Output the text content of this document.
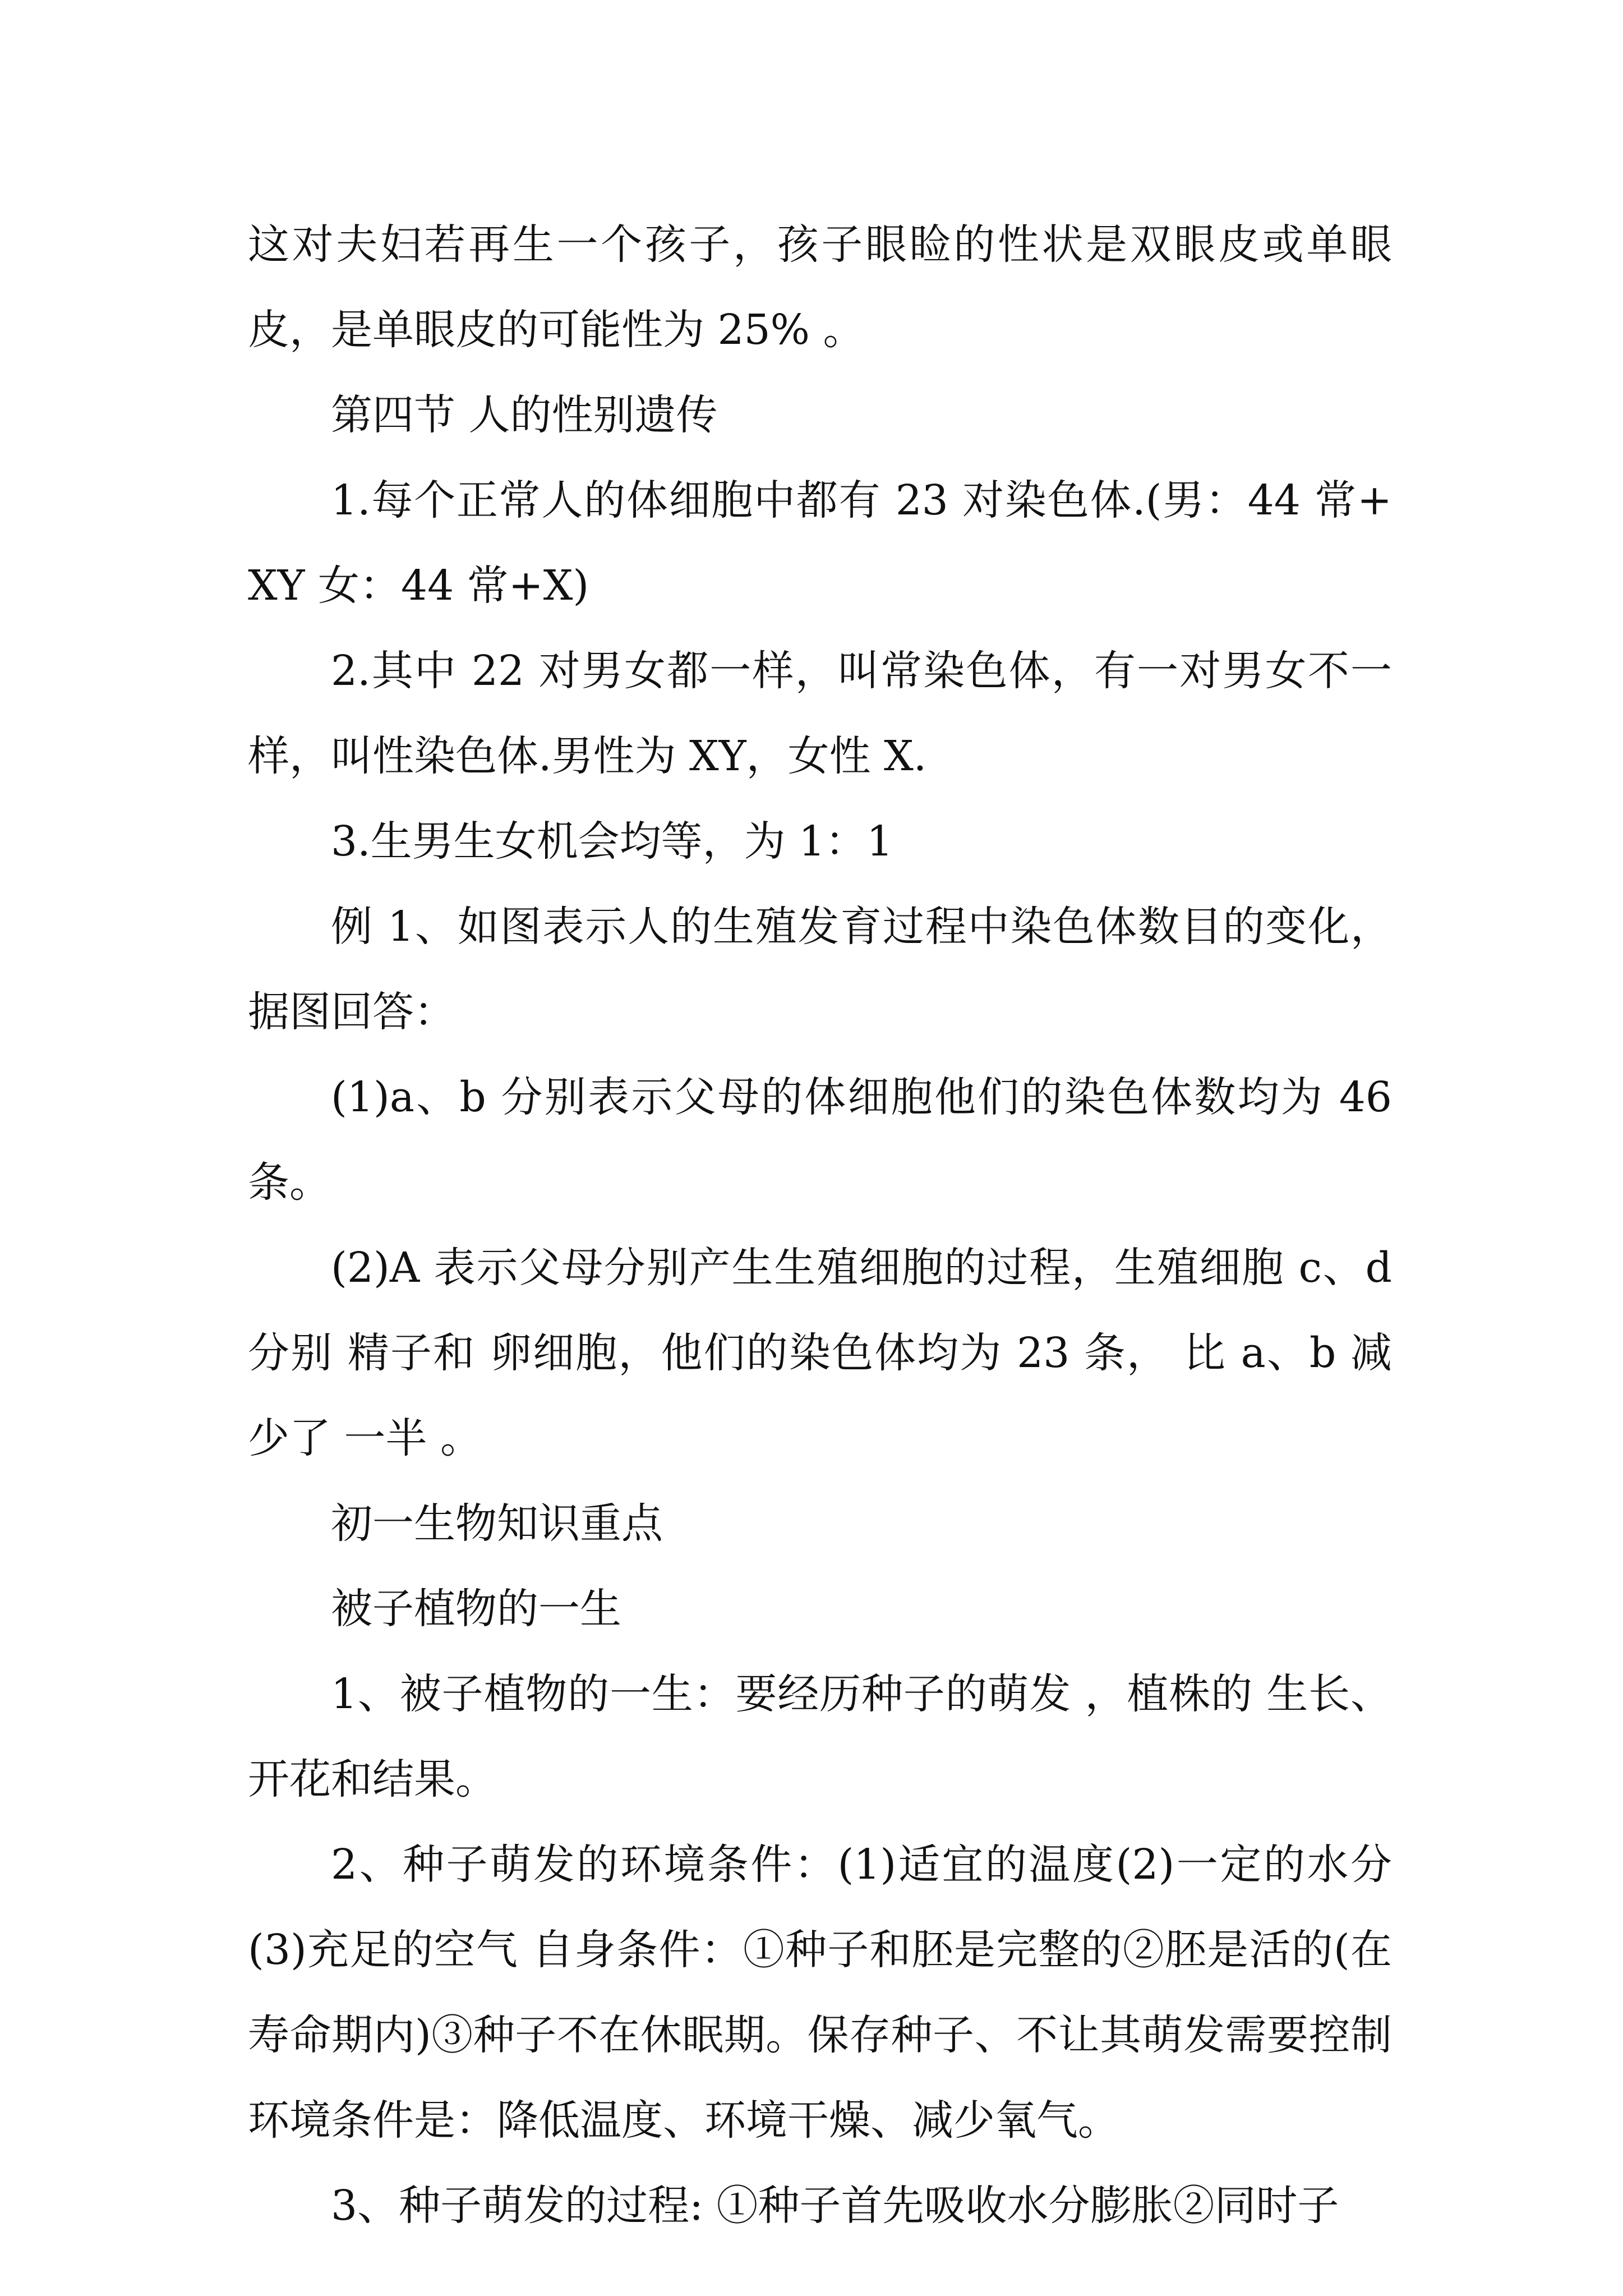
这对夫妇若再生一个孩子，孩子眼睑的性状是双眼皮或单眼皮，是单眼皮的可能性为 25% 。

第四节 人的性别遗传

1.每个正常人的体细胞中都有 23 对染色体.(男：44 常+XY 女：44 常+X)

2.其中 22 对男女都一样，叫常染色体，有一对男女不一样，叫性染色体.男性为 XY，女性 X.

3.生男生女机会均等，为 1：1

例 1、如图表示人的生殖发育过程中染色体数目的变化，据图回答：

(1)a、b 分别表示父母的体细胞他们的染色体数均为 46 条。

(2)A 表示父母分别产生生殖细胞的过程，生殖细胞 c、d 分别 精子和 卵细胞，他们的染色体均为 23 条， 比 a、b 减少了 一半 。

初一生物知识重点

被子植物的一生

1、被子植物的一生：要经历种子的萌发 ，植株的 生长、开花和结果。

2、种子萌发的环境条件：(1)适宜的温度(2)一定的水分(3)充足的空气 自身条件：①种子和胚是完整的②胚是活的(在寿命期内)③种子不在休眠期。保存种子、不让其萌发需要控制环境条件是：降低温度、环境干燥、减少氧气。

3、种子萌发的过程: ①种子首先吸收水分膨胀②同时子
